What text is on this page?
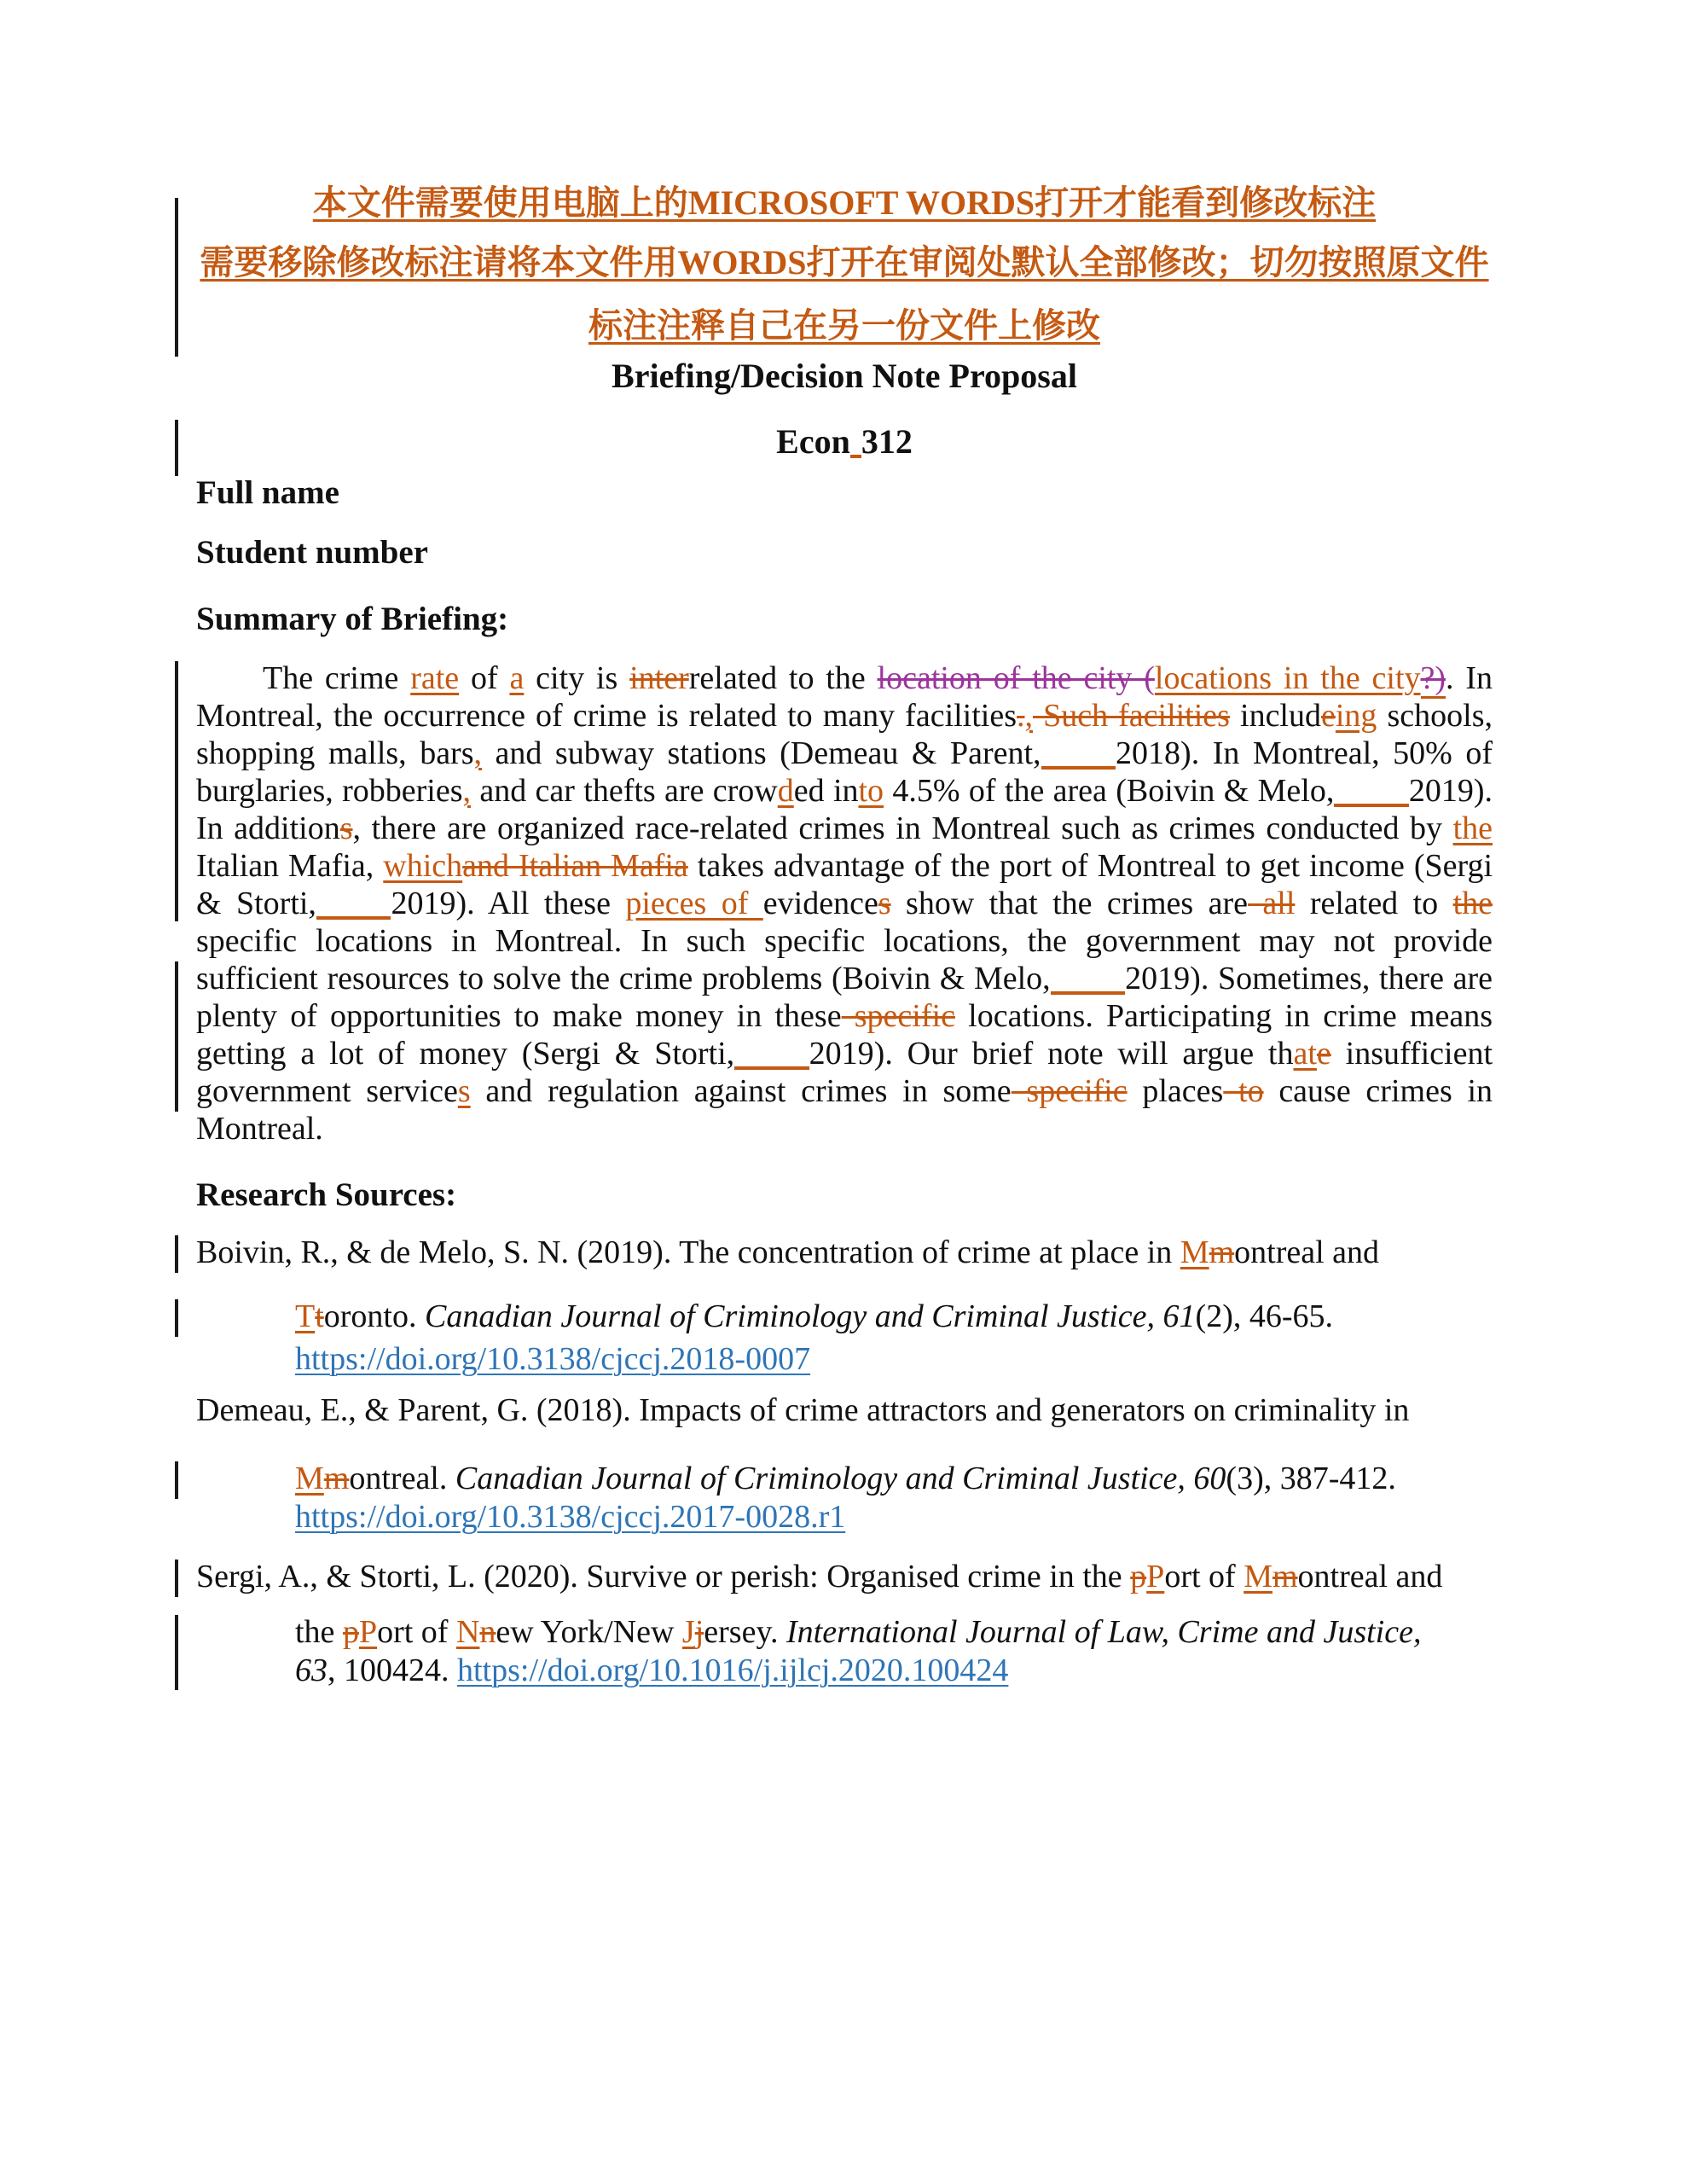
本文件需要使用电脑上的MICROSOFT WORDS打开才能看到修改标注
需要移除修改标注请将本文件用WORDS打开在审阅处默认全部修改；切勿按照原文件标注注释自己在另一份文件上修改
Briefing/Decision Note Proposal
Econ 312
Full name
Student number
Summary of Briefing:
The crime rate of a city is interrelated to the location of the city (locations in the city?). In Montreal, the occurrence of crime is related to many facilities., Such facilities includeing schools, shopping malls, bars, and subway stations (Demeau & Parent, 2018). In Montreal, 50% of burglaries, robberies, and car thefts are crowded into 4.5% of the area (Boivin & Melo, 2019). In additions, there are organized race-related crimes in Montreal such as crimes conducted by the Italian Mafia, whichand Italian Mafia takes advantage of the port of Montreal to get income (Sergi & Storti, 2019). All these pieces of evidences show that the crimes are all related to the specific locations in Montreal. In such specific locations, the government may not provide sufficient resources to solve the crime problems (Boivin & Melo, 2019). Sometimes, there are plenty of opportunities to make money in these specific locations. Participating in crime means getting a lot of money (Sergi & Storti, 2019). Our brief note will argue thate insufficient government services and regulation against crimes in some specific places to cause crimes in Montreal.
Research Sources:
Boivin, R., & de Melo, S. N. (2019). The concentration of crime at place in Mmontreal and
Ttoronto. Canadian Journal of Criminology and Criminal Justice, 61(2), 46-65.
https://doi.org/10.3138/cjccj.2018-0007
Demeau, E., & Parent, G. (2018). Impacts of crime attractors and generators on criminality in
Mmontreal. Canadian Journal of Criminology and Criminal Justice, 60(3), 387-412.
https://doi.org/10.3138/cjccj.2017-0028.r1
Sergi, A., & Storti, L. (2020). Survive or perish: Organised crime in the pPort of Mmontreal and
the pPort of Nnew York/New Jjersey. International Journal of Law, Crime and Justice,
63, 100424. https://doi.org/10.1016/j.ijlcj.2020.100424
